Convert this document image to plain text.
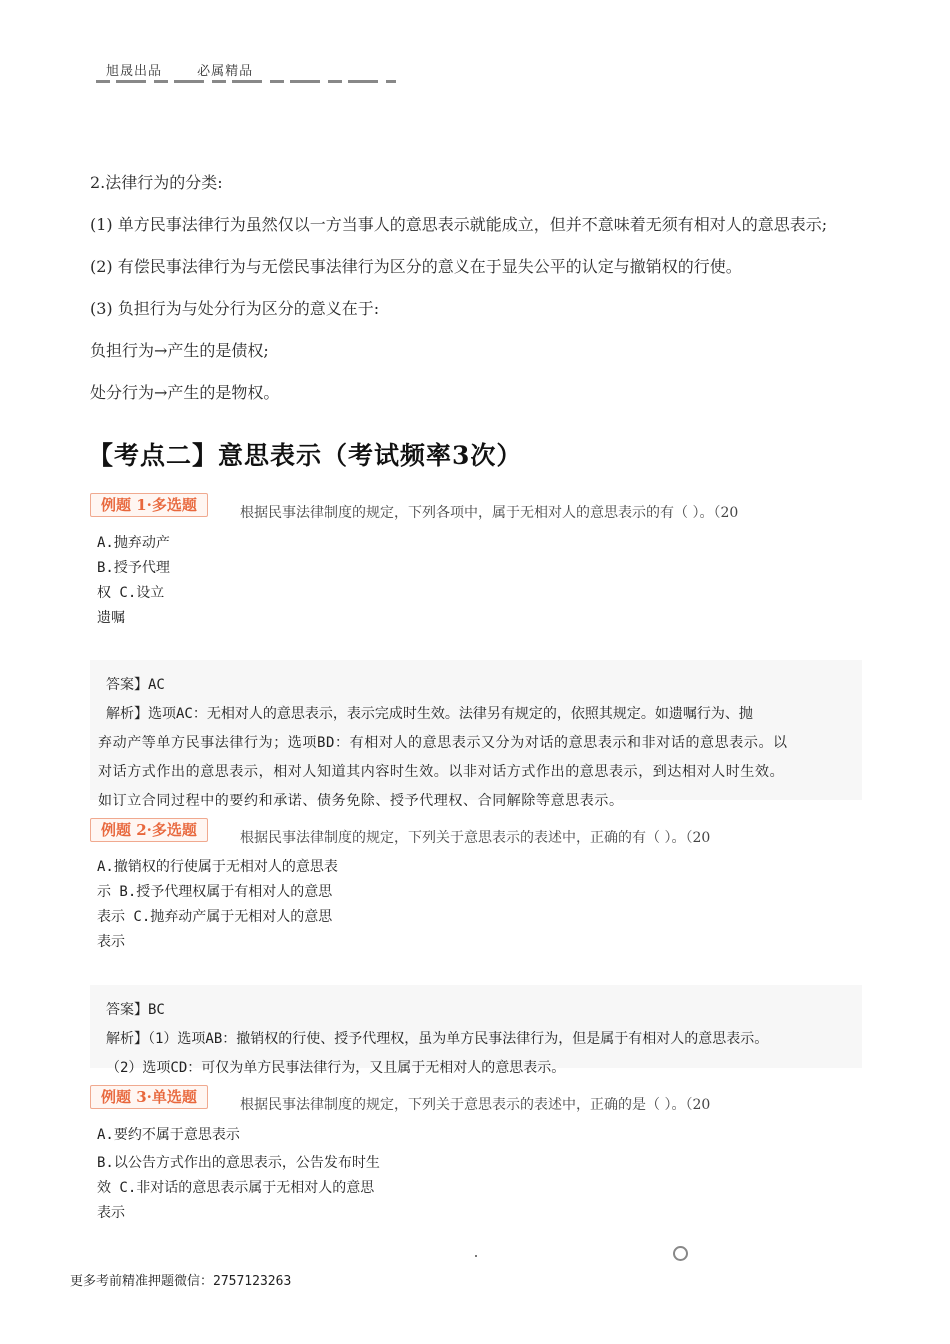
旭晟出品	必属精品
2.法律行为的分类:
(1) 单方民事法律行为虽然仅以一方当事人的意思表示就能成立，但并不意味着无须有相对人的意思表示;
(2) 有偿民事法律行为与无偿民事法律行为区分的意义在于显失公平的认定与撤销权的行使。
(3) 负担行为与处分行为区分的意义在于:
负担行为→产生的是债权;
处分行为→产生的是物权。
【考点二】意思表示（考试频率3次）
例题 1·多选题	根据民事法律制度的规定，下列各项中，属于无相对人的意思表示的有（ ）。（20
A.抛弃动产
B.授予代理
权 C.设立
遗嘱
答案】AC
解析】选项AC：无相对人的意思表示，表示完成时生效。法律另有规定的，依照其规定。如遗嘱行为、抛
弃动产等单方民事法律行为；选项BD：有相对人的意思表示又分为对话的意思表示和非对话的意思表示。以
对话方式作出的意思表示，相对人知道其内容时生效。以非对话方式作出的意思表示，到达相对人时生效。
如订立合同过程中的要约和承诺、债务免除、授予代理权、合同解除等意思表示。
例题 2·多选题	根据民事法律制度的规定，下列关于意思表示的表述中，正确的有（ ）。（20
A.撤销权的行使属于无相对人的意思表
示 B.授予代理权属于有相对人的意思
表示 C.抛弃动产属于无相对人的意思
表示
答案】BC
解析】（1）选项AB：撤销权的行使、授予代理权，虽为单方民事法律行为，但是属于有相对人的意思表示。
（2）选项CD：可仅为单方民事法律行为，又且属于无相对人的意思表示。
例题 3·单选题	根据民事法律制度的规定，下列关于意思表示的表述中，正确的是（ ）。（20
A.要约不属于意思表示
B.以公告方式作出的意思表示，公告发布时生
效 C.非对话的意思表示属于无相对人的意思
表示
更多考前精准押题微信：2757123263
